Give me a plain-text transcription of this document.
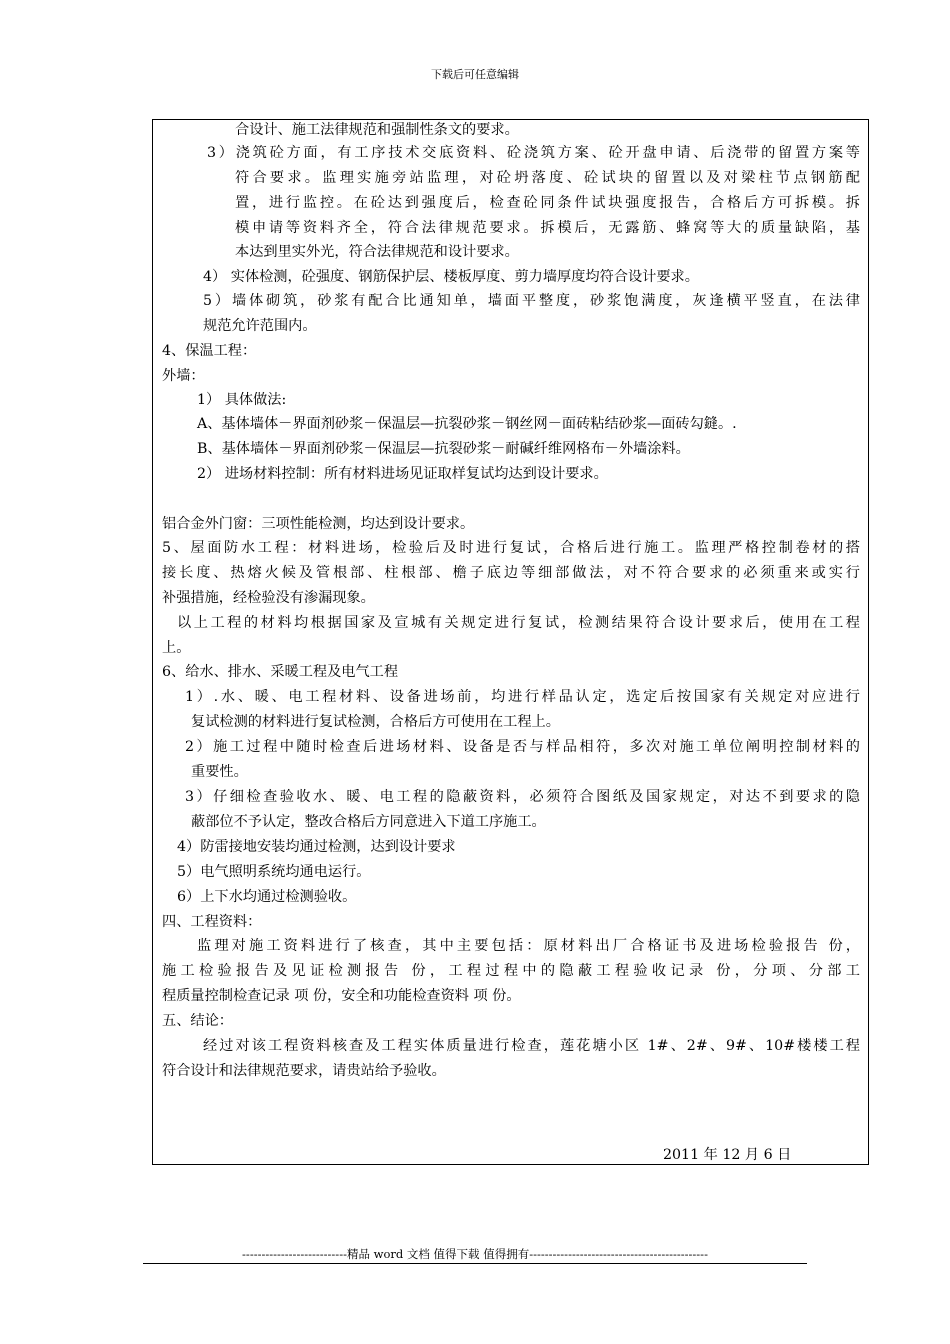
下载后可任意编辑
合设计、施工法律规范和强制性条文的要求。
3）浇筑砼方面，有工序技术交底资料、砼浇筑方案、砼开盘申请、后浇带的留置方案等
符合要求。监理实施旁站监理，对砼坍落度、砼试块的留置以及对梁柱节点钢筋配
置，进行监控。在砼达到强度后，检查砼同条件试块强度报告，合格后方可拆模。拆
模申请等资料齐全，符合法律规范要求。拆模后，无露筋、蜂窝等大的质量缺陷，基
本达到里实外光，符合法律规范和设计要求。
4） 实体检测，砼强度、钢筋保护层、楼板厚度、剪力墙厚度均符合设计要求。
5）墙体砌筑，砂浆有配合比通知单，墙面平整度，砂浆饱满度，灰逢横平竖直，在法律
规范允许范围内。
4、保温工程：
外墙：
1） 具体做法:
A、基体墙体－界面剂砂浆－保温层—抗裂砂浆－钢丝网－面砖粘结砂浆—面砖勾鏠。.
B、基体墙体－界面剂砂浆－保温层—抗裂砂浆－耐碱纤维网格布－外墙涂料。
2） 进场材料控制：所有材料进场见证取样复试均达到设计要求。
铝合金外门窗：三项性能检测，均达到设计要求。
5、屋面防水工程：材料进场，检验后及时进行复试，合格后进行施工。监理严格控制卷材的搭
接长度、热熔火候及管根部、柱根部、檐子底边等细部做法，对不符合要求的必须重来或实行
补强措施，经检验没有渗漏现象。
以上工程的材料均根据国家及宣城有关规定进行复试，检测结果符合设计要求后，使用在工程
上。
6、给水、排水、采暖工程及电气工程
1）.水、暖、电工程材料、设备进场前，均进行样品认定，选定后按国家有关规定对应进行
复试检测的材料进行复试检测，合格后方可使用在工程上。
2）施工过程中随时检查后进场材料、设备是否与样品相符，多次对施工单位阐明控制材料的
重要性。
3）仔细检查验收水、暖、电工程的隐蔽资料，必须符合图纸及国家规定，对达不到要求的隐
蔽部位不予认定，整改合格后方同意进入下道工序施工。
4）防雷接地安装均通过检测，达到设计要求
5）电气照明系统均通电运行。
6）上下水均通过检测验收。
四、工程资料：
监理对施工资料进行了核查，其中主要包括：原材料出厂合格证书及进场检验报告 份，
施工检验报告及见证检测报告 份，工程过程中的隐蔽工程验收记录 份，分项、分部工
程质量控制检查记录 项 份，安全和功能检查资料 项 份。
五、结论：
经过对该工程资料核查及工程实体质量进行检查，莲花塘小区 1#、2#、9#、10#楼楼工程
符合设计和法律规范要求，请贵站给予验收。
2011 年 12 月 6 日
---------------------------精品 word 文档 值得下载 值得拥有----------------------------------------------
